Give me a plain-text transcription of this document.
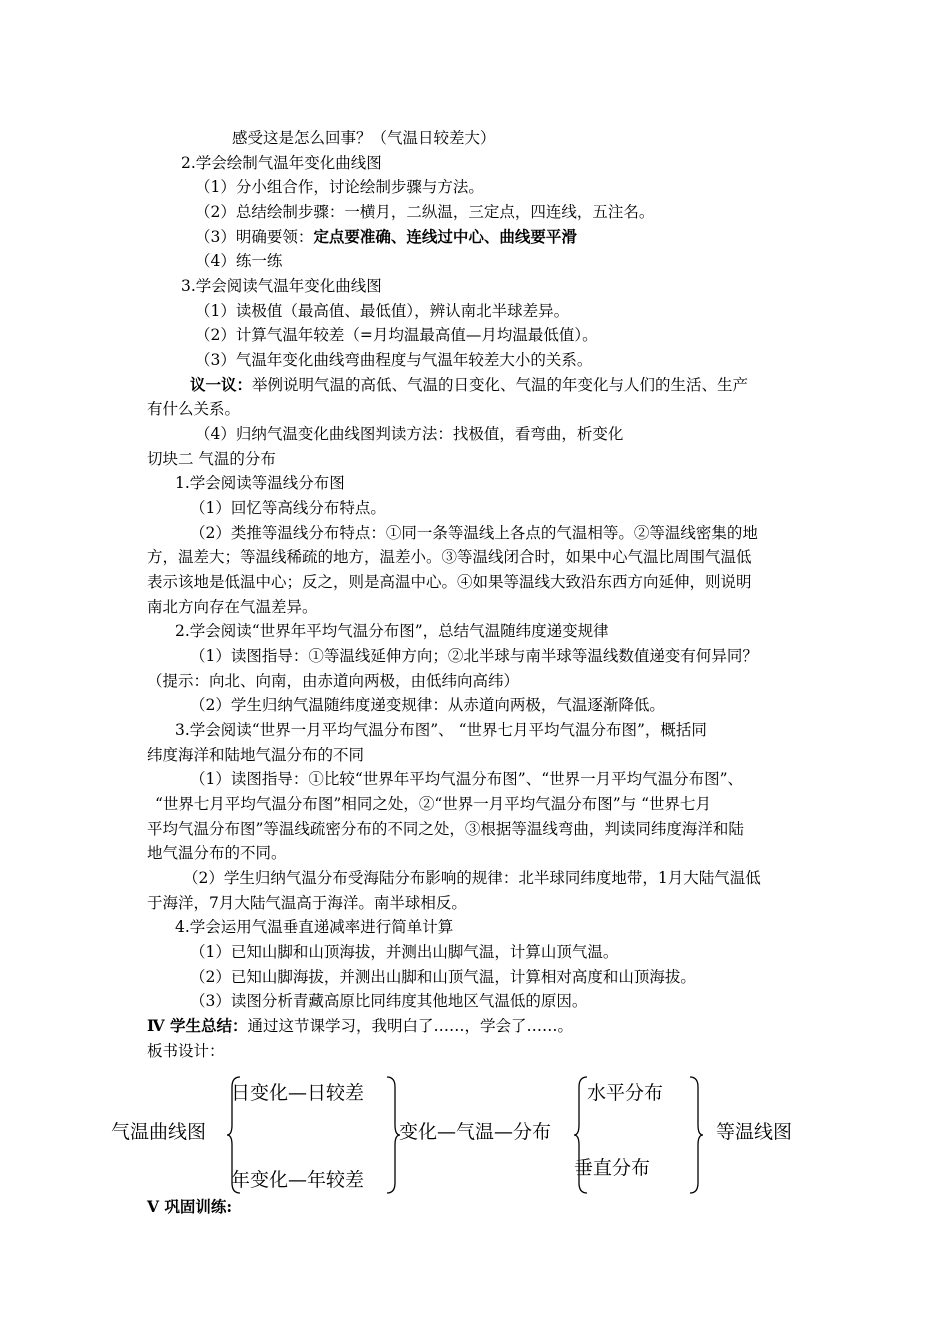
感受这是怎么回事？（气温日较差大）
2.学会绘制气温年变化曲线图
（1）分小组合作，讨论绘制步骤与方法。
（2）总结绘制步骤：一横月，二纵温，三定点，四连线，五注名。
（3）明确要领：定点要准确、连线过中心、曲线要平滑
（4）练一练
3.学会阅读气温年变化曲线图
（1）读极值（最高值、最低值），辨认南北半球差异。
（2）计算气温年较差（=月均温最高值—月均温最低值）。
（3）气温年变化曲线弯曲程度与气温年较差大小的关系。
议一议：举例说明气温的高低、气温的日变化、气温的年变化与人们的生活、生产
有什么关系。
（4）归纳气温变化曲线图判读方法：找极值，看弯曲，析变化
切块二 气温的分布
1.学会阅读等温线分布图
（1）回忆等高线分布特点。
（2）类推等温线分布特点：①同一条等温线上各点的气温相等。②等温线密集的地
方，温差大；等温线稀疏的地方，温差小。③等温线闭合时，如果中心气温比周围气温低
表示该地是低温中心；反之，则是高温中心。④如果等温线大致沿东西方向延伸，则说明
南北方向存在气温差异。
2.学会阅读“世界年平均气温分布图”，总结气温随纬度递变规律
（1）读图指导：①等温线延伸方向；②北半球与南半球等温线数值递变有何异同？
（提示：向北、向南，由赤道向两极，由低纬向高纬）
（2）学生归纳气温随纬度递变规律：从赤道向两极，气温逐渐降低。
3.学会阅读“世界一月平均气温分布图”、 “世界七月平均气温分布图”，概括同
纬度海洋和陆地气温分布的不同
（1）读图指导：①比较“世界年平均气温分布图”、“世界一月平均气温分布图”、
“世界七月平均气温分布图”相同之处，②“世界一月平均气温分布图”与 “世界七月
平均气温分布图”等温线疏密分布的不同之处，③根据等温线弯曲，判读同纬度海洋和陆
地气温分布的不同。
（2）学生归纳气温分布受海陆分布影响的规律：北半球同纬度地带，1月大陆气温低
于海洋，7月大陆气温高于海洋。南半球相反。
4.学会运用气温垂直递减率进行简单计算
（1）已知山脚和山顶海拔，并测出山脚气温，计算山顶气温。
（2）已知山脚海拔，并测出山脚和山顶气温，计算相对高度和山顶海拔。
（3）读图分析青藏高原比同纬度其他地区气温低的原因。
Ⅳ 学生总结：通过这节课学习，我明白了……，学会了……。
板书设计：
气温曲线图
日变化—日较差
年变化—年较差
变化—气温—分布
水平分布
垂直分布
等温线图
Ⅴ 巩固训练:
